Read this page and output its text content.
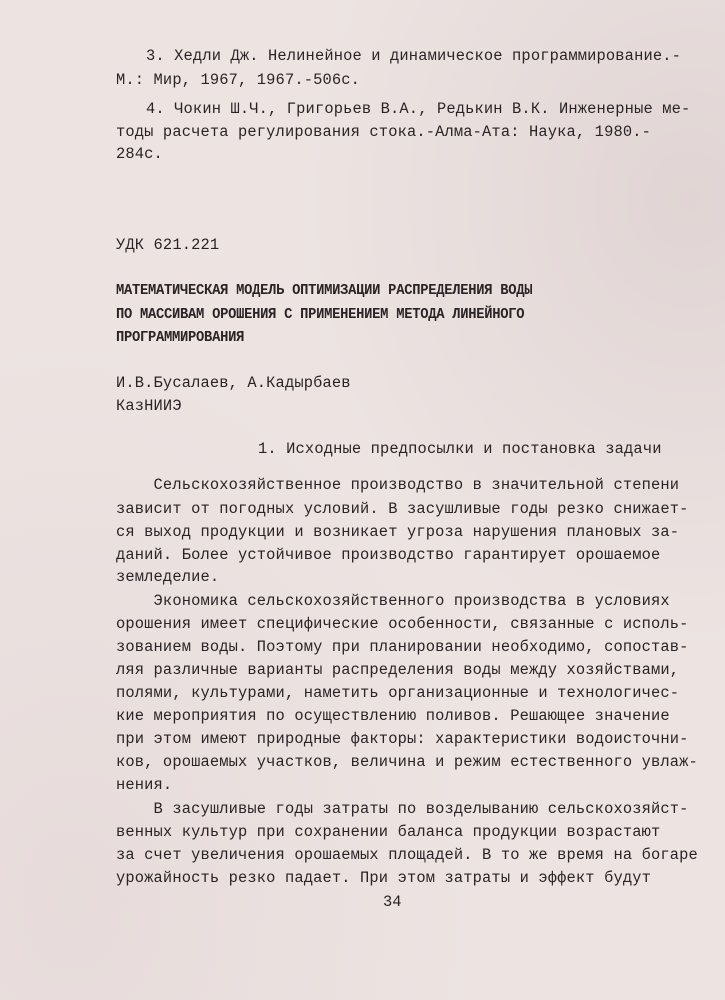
3. Хедли Дж. Нелинейное и динамическое программирование.-
М.: Мир, 1967, 1967.-506с.
4. Чокин Ш.Ч., Григорьев В.А., Редькин В.К. Инженерные ме-
тоды расчета регулирования стока.-Алма-Ата: Наука, 1980.-
284с.
УДК 621.221
МАТЕМАТИЧЕСКАЯ МОДЕЛЬ ОПТИМИЗАЦИИ РАСПРЕДЕЛЕНИЯ ВОДЫ
ПО МАССИВАМ ОРОШЕНИЯ С ПРИМЕНЕНИЕМ МЕТОДА ЛИНЕЙНОГО
ПРОГРАММИРОВАНИЯ
И.В.Бусалаев, А.Кадырбаев
КазНИИЭ
1. Исходные предпосылки и постановка задачи
Сельскохозяйственное производство в значительной степени
зависит от погодных условий. В засушливые годы резко снижает-
ся выход продукции и возникает угроза нарушения плановых за-
даний. Более устойчивое производство гарантирует орошаемое
земледелие.
Экономика сельскохозяйственного производства в условиях
орошения имеет специфические особенности, связанные с исполь-
зованием воды. Поэтому при планировании необходимо, сопостав-
ляя различные варианты распределения воды между хозяйствами,
полями, культурами, наметить организационные и технологичес-
кие мероприятия по осуществлению поливов. Решающее значение
при этом имеют природные факторы: характеристики водоисточни-
ков, орошаемых участков, величина и режим естественного увлаж-
нения.
В засушливые годы затраты по возделыванию сельскохозяйст-
венных культур при сохранении баланса продукции возрастают
за счет увеличения орошаемых площадей. В то же время на богаре
урожайность резко падает. При этом затраты и эффект будут
34
